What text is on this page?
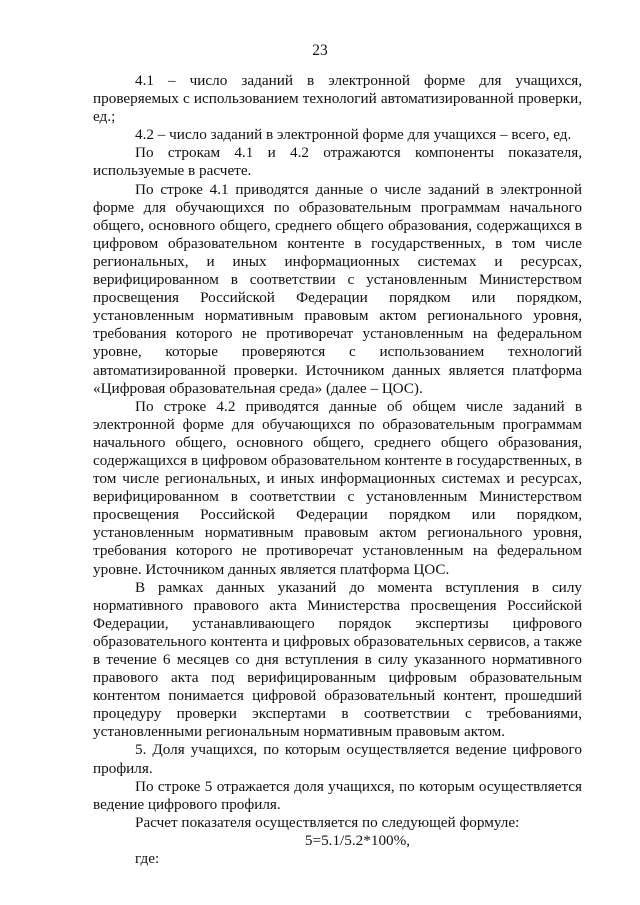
23

4.1 – число заданий в электронной форме для учащихся, проверяемых с использованием технологий автоматизированной проверки, ед.;

4.2 – число заданий в электронной форме для учащихся – всего, ед.

По строкам 4.1 и 4.2 отражаются компоненты показателя, используемые в расчете.

По строке 4.1 приводятся данные о числе заданий в электронной форме для обучающихся по образовательным программам начального общего, основного общего, среднего общего образования, содержащихся в цифровом образовательном контенте в государственных, в том числе региональных, и иных информационных системах и ресурсах, верифицированном в соответствии с установленным Министерством просвещения Российской Федерации порядком или порядком, установленным нормативным правовым актом регионального уровня, требования которого не противоречат установленным на федеральном уровне, которые проверяются с использованием технологий автоматизированной проверки. Источником данных является платформа «Цифровая образовательная среда» (далее – ЦОС).

По строке 4.2 приводятся данные об общем числе заданий в электронной форме для обучающихся по образовательным программам начального общего, основного общего, среднего общего образования, содержащихся в цифровом образовательном контенте в государственных, в том числе региональных, и иных информационных системах и ресурсах, верифицированном в соответствии с установленным Министерством просвещения Российской Федерации порядком или порядком, установленным нормативным правовым актом регионального уровня, требования которого не противоречат установленным на федеральном уровне. Источником данных является платформа ЦОС.

В рамках данных указаний до момента вступления в силу нормативного правового акта Министерства просвещения Российской Федерации, устанавливающего порядок экспертизы цифрового образовательного контента и цифровых образовательных сервисов, а также в течение 6 месяцев со дня вступления в силу указанного нормативного правового акта под верифицированным цифровым образовательным контентом понимается цифровой образовательный контент, прошедший процедуру проверки экспертами в соответствии с требованиями, установленными региональным нормативным правовым актом.

5. Доля учащихся, по которым осуществляется ведение цифрового профиля.

По строке 5 отражается доля учащихся, по которым осуществляется ведение цифрового профиля.

Расчет показателя осуществляется по следующей формуле:

5=5.1/5.2*100%,

где:
